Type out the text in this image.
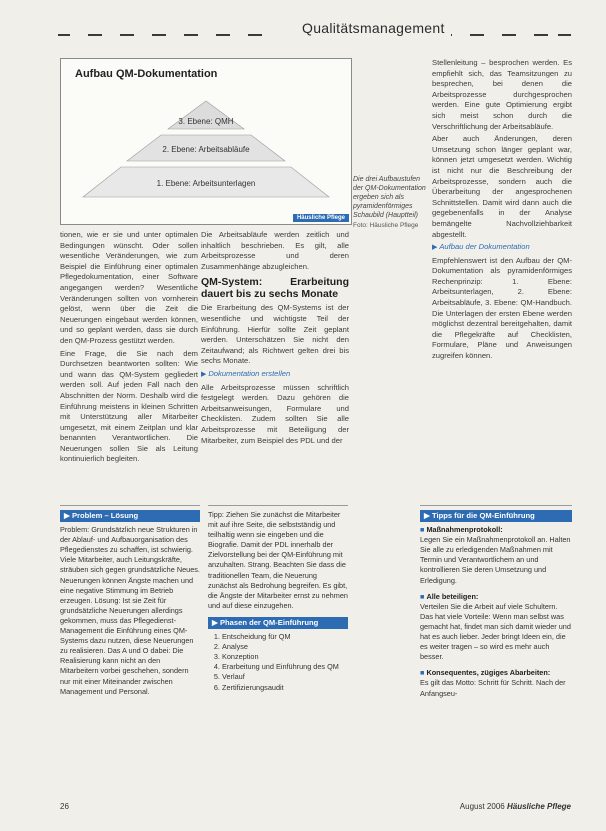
Qualitätsmanagement
Aufbau QM-Dokumentation
3. Ebene: QMH
2. Ebene: Arbeitsabläufe
1. Ebene: Arbeitsunterlagen
Häusliche Pflege
Die drei Aufbaustufen der QM-Dokumentation ergeben sich als pyramidenförmiges Schaubild (Hauptteil)
Foto: Häusliche Pflege

tionen, wie er sie und unter optimalen Bedingungen wünscht. Oder sollen wesentliche Veränderungen, wie zum Beispiel die Einführung einer optimalen Pflegedokumentation, einer Software angegangen werden? Wesentliche Veränderungen sollten von vornherein gelöst, wenn über die Zeit die Neuerungen eingebaut werden können, und so geplant werden, dass sie durch den QM-Prozess gestützt werden.

Eine Frage, die Sie nach dem Durchsetzen beantworten sollten: Wie und wann das QM-System gegliedert werden soll. Auf jeden Fall nach den Abschnitten der Norm. Deshalb wird die Einführung meistens in kleinen Schritten mit Unterstützung aller Mitarbeiter umgesetzt, mit einem Zeitplan und klar benannten Verantwortlichen. Die Neuerungen sollen Sie als Leitung kontinuierlich begleiten.

Die Arbeitsabläufe werden zeitlich und inhaltlich beschrieben. Es gilt, alle Arbeitsprozesse und deren Zusammenhänge abzugleichen.

QM-System: Erarbeitung dauert bis zu sechs Monate

Die Erarbeitung des QM-Systems ist der wesentliche und wichtigste Teil der Einführung. Hierfür sollte Zeit geplant werden. Unterschätzen Sie nicht den Zeitaufwand; als Richtwert gelten drei bis sechs Monate.

▶ Dokumentation erstellen

Alle Arbeitsprozesse müssen schriftlich festgelegt werden. Dazu gehören die Arbeitsanweisungen, Formulare und Checklisten. Zudem sollten Sie alle Arbeitsprozesse mit Beteiligung der Mitarbeiter, zum Beispiel des PDL und der

Stellenleitung – besprochen werden. Es empfiehlt sich, das Teamsitzungen zu besprechen, bei denen die Arbeitsprozesse durchgesprochen werden. Eine gute Optimierung ergibt sich meist schon durch die Verschriftlichung der Arbeitsabläufe.

Aber auch Änderungen, deren Umsetzung schon länger geplant war, können jetzt umgesetzt werden. Wichtig ist nicht nur die Beschreibung der Arbeitsprozesse, sondern auch die Überarbeitung der angesprochenen Schnittstellen. Damit wird dann auch die gegebenenfalls in der Analyse bemängelte Nachvollziehbarkeit abgestellt.

▶ Aufbau der Dokumentation

Empfehlenswert ist den Aufbau der QM-Dokumentation als pyramidenförmiges Rechenprinzip: 1. Ebene: Arbeitsunterlagen, 2. Ebene: Arbeitsabläufe, 3. Ebene: QM-Handbuch. Die Unterlagen der ersten Ebene werden möglichst dezentral bereitgehalten, damit die Pflegekräfte auf Checklisten, Formulare, Pläne und Anweisungen zugreifen können.

▶ Problem – Lösung
Problem: Grundsätzlich neue Strukturen in der Ablauf- und Aufbauorganisation des Pflegedienstes zu schaffen, ist schwierig. Viele Mitarbeiter, auch Leitungskräfte, sträuben sich gegen grundsätzliche Neues. Neuerungen können Ängste machen und eine negative Stimmung im Betrieb erzeugen. Lösung: Ist sie Zeit für grundsätzliche Neuerungen allerdings gekommen, muss das Pflegedienst-Management die Einführung eines QM-Systems dazu nutzen, diese Neuerungen zu realisieren. Das A und O dabei: Die Realisierung kann nicht an den Mitarbeitern vorbei geschehen, sondern nur mit einer Miteinander zwischen Management und Personal.
Tipp: Ziehen Sie zunächst die Mitarbeiter mit auf ihre Seite, die selbstständig und teilhaltig wenn sie eingeben und die Biografie. Damit der PDL innerhalb der Zielvorstellung bei der QM-Einführung mit anzuhalten. Strang. Beachten Sie dass die traditionellen Team, die Neuerung zunächst als Bedrohung begreifen. Es gibt, die Ängste der Mitarbeiter ernst zu nehmen und auf diese einzugehen.
▶ Phasen der QM-Einführung
1. Entscheidung für QM
2. Analyse
3. Konzeption
4. Erarbeitung und Einführung des QM
5. Verlauf
6. Zertifizierungsaudit
▶ Tipps für die QM-Einführung
■ Maßnahmenprotokoll:
Legen Sie ein Maßnahmenprotokoll an. Halten Sie alle zu erledigenden Maßnahmen mit Termin und Verantwortlichem an und kontrollieren Sie deren Umsetzung und Erledigung.
■ Alle beteiligen:
Verteilen Sie die Arbeit auf viele Schultern. Das hat viele Vorteile: Wenn man selbst was gemacht hat, findet man sich damit wieder und hat es auch lieber. Jeder bringt Ideen ein, die es weiter tragen – so wird es mehr auch besser.
■ Konsequentes, zügiges Abarbeiten:
Es gilt das Motto: Schritt für Schritt. Nach der Anfangseu-
26	August 2006 Häusliche Pflege
